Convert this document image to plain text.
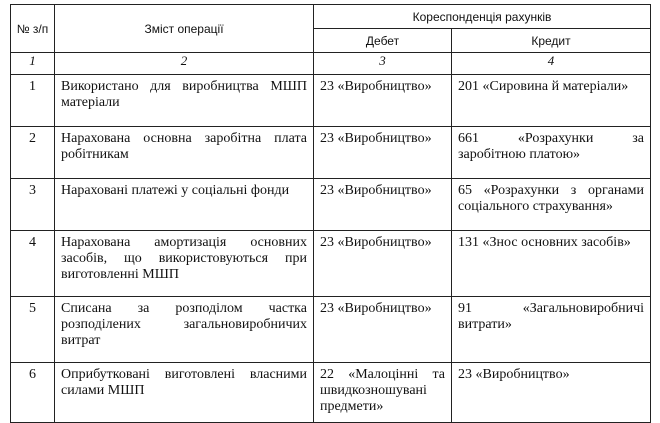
№ з/п	Зміст операції	Кореспонденція рахунків	
		Дебет	Кредит
1	2	3	4
1	Використано для виробництва МШП матеріали	23 «Виробництво»	201 «Сировина й матеріали»
2	Нарахована основна заробітна плата робітникам	23 «Виробництво»	661 «Розрахунки за заробітною платою»
3	Нараховані платежі у соціальні фонди	23 «Виробництво»	65 «Розрахунки з органами соціального страхування»
4	Нарахована амортизація основних засобів, що використовуються при виготовленні МШП	23 «Виробництво»	131 «Знос основних засобів»
5	Списана за розподілом частка розподілених загальновиробничих витрат	23 «Виробництво»	91 «Загальновиробничі витрати»
6	Оприбутковані виготовлені власними силами МШП	22 «Малоцінні та швидкозношувані предмети»	23 «Виробництво»
